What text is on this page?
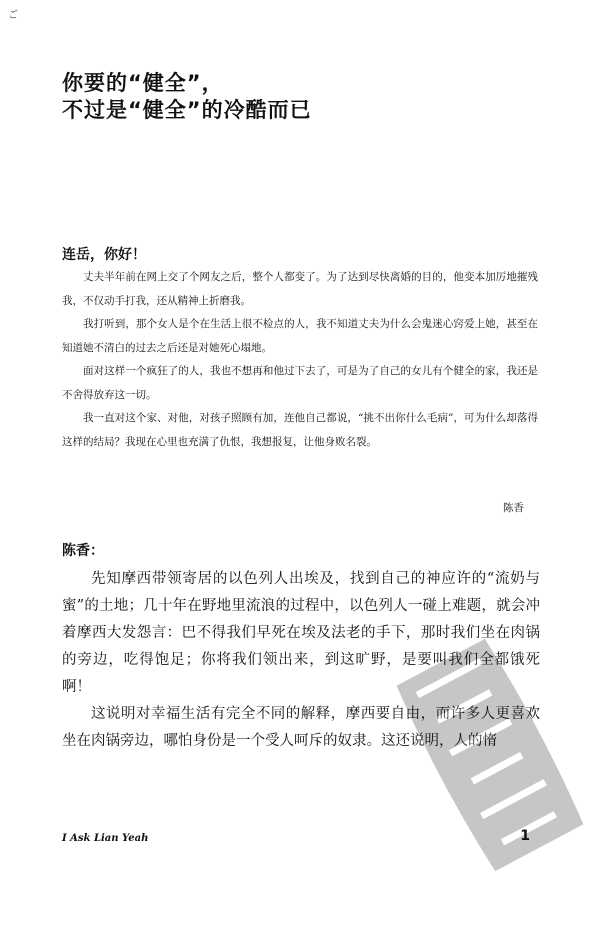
ご
你要的“健全”，
不过是“健全”的冷酷而已
连岳，你好！

丈夫半年前在网上交了个网友之后，整个人都变了。为了达到尽快离婚的目的，他变本加厉地摧残我，不仅动手打我，还从精神上折磨我。

我打听到，那个女人是个在生活上很不检点的人，我不知道丈夫为什么会鬼迷心窍爱上她，甚至在知道她不清白的过去之后还是对她死心塌地。

面对这样一个疯狂了的人，我也不想再和他过下去了，可是为了自己的女儿有个健全的家，我还是不舍得放弃这一切。

我一直对这个家、对他，对孩子照顾有加，连他自己都说，“挑不出你什么毛病”，可为什么却落得这样的结局？我现在心里也充满了仇恨，我想报复，让他身败名裂。

陈香
陈香：

先知摩西带领寄居的以色列人出埃及，找到自己的神应许的“流奶与蜜”的土地；几十年在野地里流浪的过程中，以色列人一碰上难题，就会冲着摩西大发怨言：巴不得我们早死在埃及法老的手下，那时我们坐在肉锅的旁边，吃得饱足；你将我们领出来，到这旷野，是要叫我们全都饿死啊！

这说明对幸福生活有完全不同的解释，摩西要自由，而许多人更喜欢坐在肉锅旁边，哪怕身份是一个受人呵斥的奴隶。这还说明，人的惰

I Ask Lian Yeah	1
